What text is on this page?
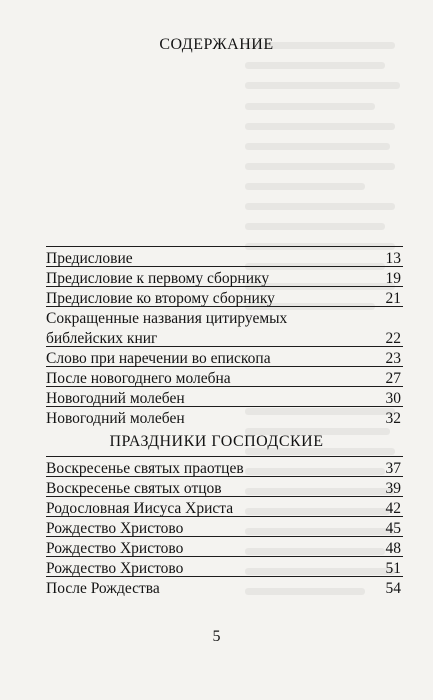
СОДЕРЖАНИЕ
Предисловие	13
Предисловие к первому сборнику	19
Предисловие ко второму сборнику	21
Сокращенные названия цитируемых библейских книг	22
Слово при наречении во епископа	23
После новогоднего молебна	27
Новогодний молебен	30
Новогодний молебен	32
ПРАЗДНИКИ ГОСПОДСКИЕ
Воскресенье святых праотцев	37
Воскресенье святых отцов	39
Родословная Иисуса Христа	42
Рождество Христово	45
Рождество Христово	48
Рождество Христово	51
После Рождества	54
5
